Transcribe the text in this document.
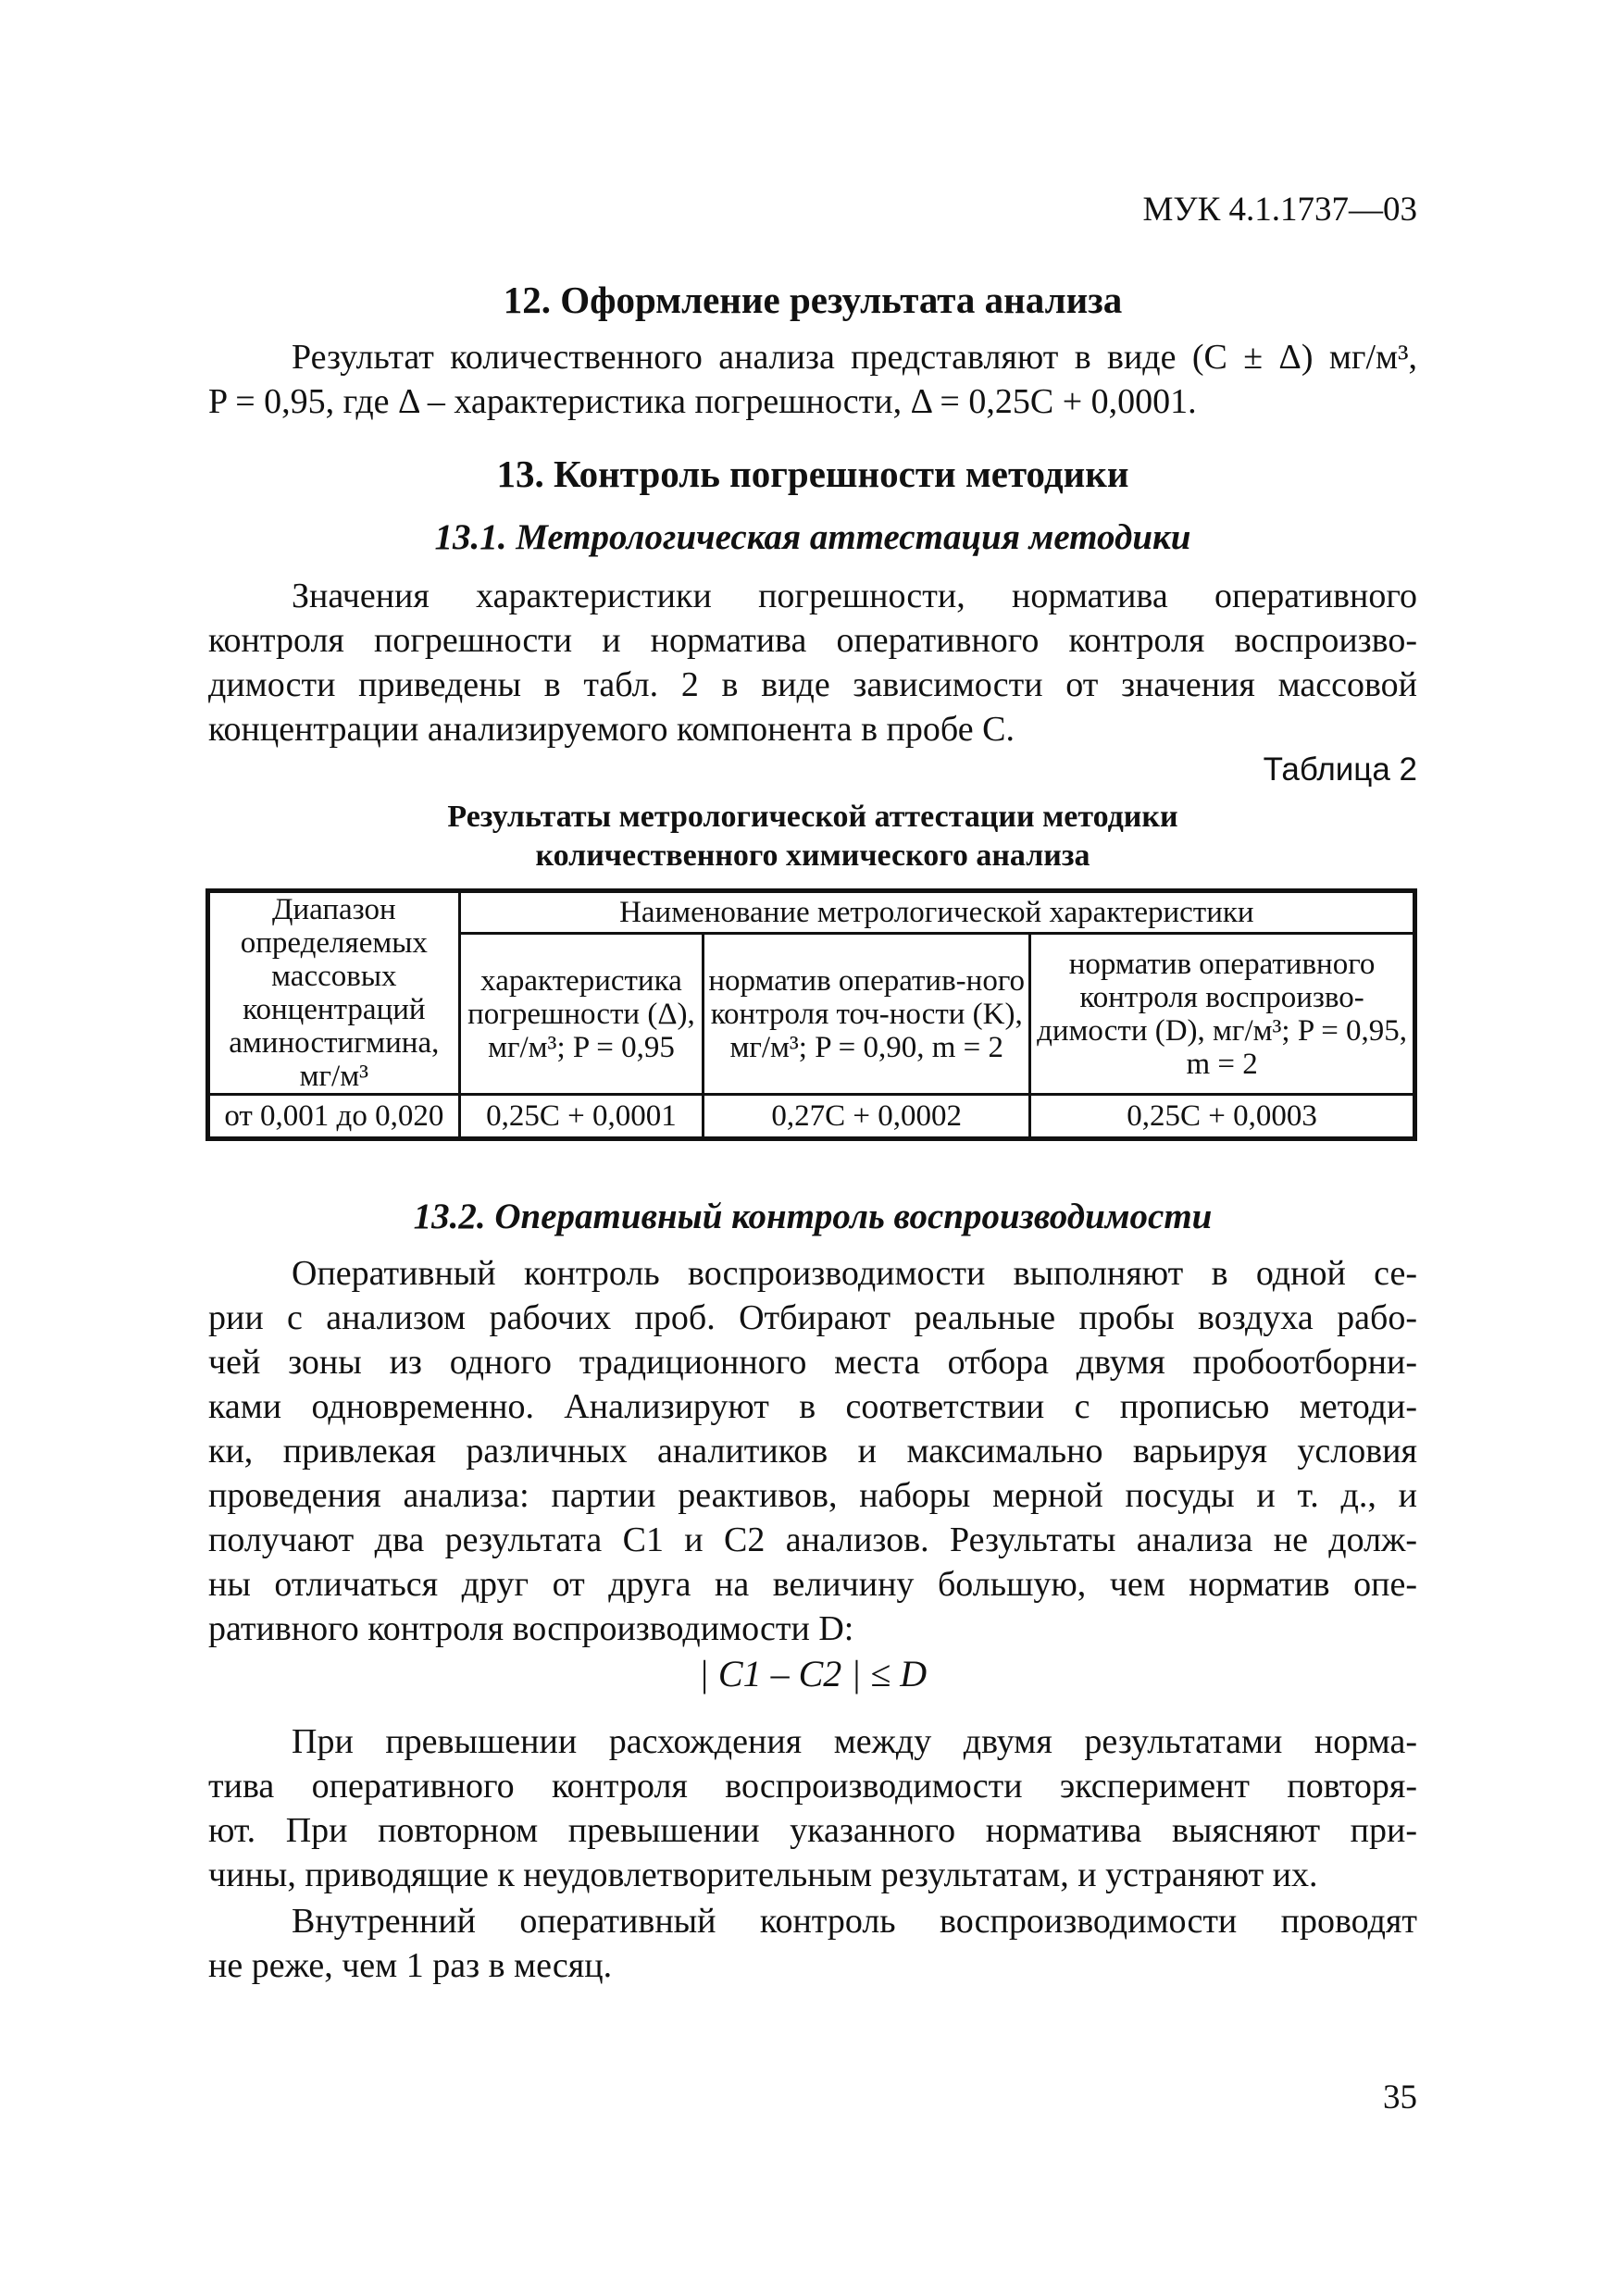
МУК 4.1.1737—03
12. Оформление результата анализа
Результат количественного анализа представляют в виде (C ± Δ) мг/м³,
P = 0,95, где Δ – характеристика погрешности, Δ = 0,25C + 0,0001.
13. Контроль погрешности методики
13.1. Метрологическая аттестация методики
Значения характеристики погрешности, норматива оперативного
контроля погрешности и норматива оперативного контроля воспроизво-
димости приведены в табл. 2 в виде зависимости от значения массовой
концентрации анализируемого компонента в пробе C.
Таблица 2
Результаты метрологической аттестации методики
количественного химического анализа
Диапазон определяемых массовых концентраций аминостигмина, мг/м³	Наименование метрологической характеристики		
	характеристика погрешности (Δ), мг/м³; P = 0,95	норматив оператив-ного контроля точ-ности (K), мг/м³; P = 0,90, m = 2	норматив оперативного контроля воспроизво-димости (D), мг/м³; P = 0,95, m = 2
от 0,001 до 0,020	0,25C + 0,0001	0,27C + 0,0002	0,25C + 0,0003
13.2. Оперативный контроль воспроизводимости
Оперативный контроль воспроизводимости выполняют в одной се-
рии с анализом рабочих проб. Отбирают реальные пробы воздуха рабо-
чей зоны из одного традиционного места отбора двумя пробоотборни-
ками одновременно. Анализируют в соответствии с прописью методи-
ки, привлекая различных аналитиков и максимально варьируя условия
проведения анализа: партии реактивов, наборы мерной посуды и т. д., и
получают два результата C1 и C2 анализов. Результаты анализа не долж-
ны отличаться друг от друга на величину большую, чем норматив опе-
ративного контроля воспроизводимости D:
| C1 – C2 | ≤ D
При превышении расхождения между двумя результатами норма-
тива оперативного контроля воспроизводимости эксперимент повторя-
ют. При повторном превышении указанного норматива выясняют при-
чины, приводящие к неудовлетворительным результатам, и устраняют их.
Внутренний оперативный контроль воспроизводимости проводят
не реже, чем 1 раз в месяц.
35
